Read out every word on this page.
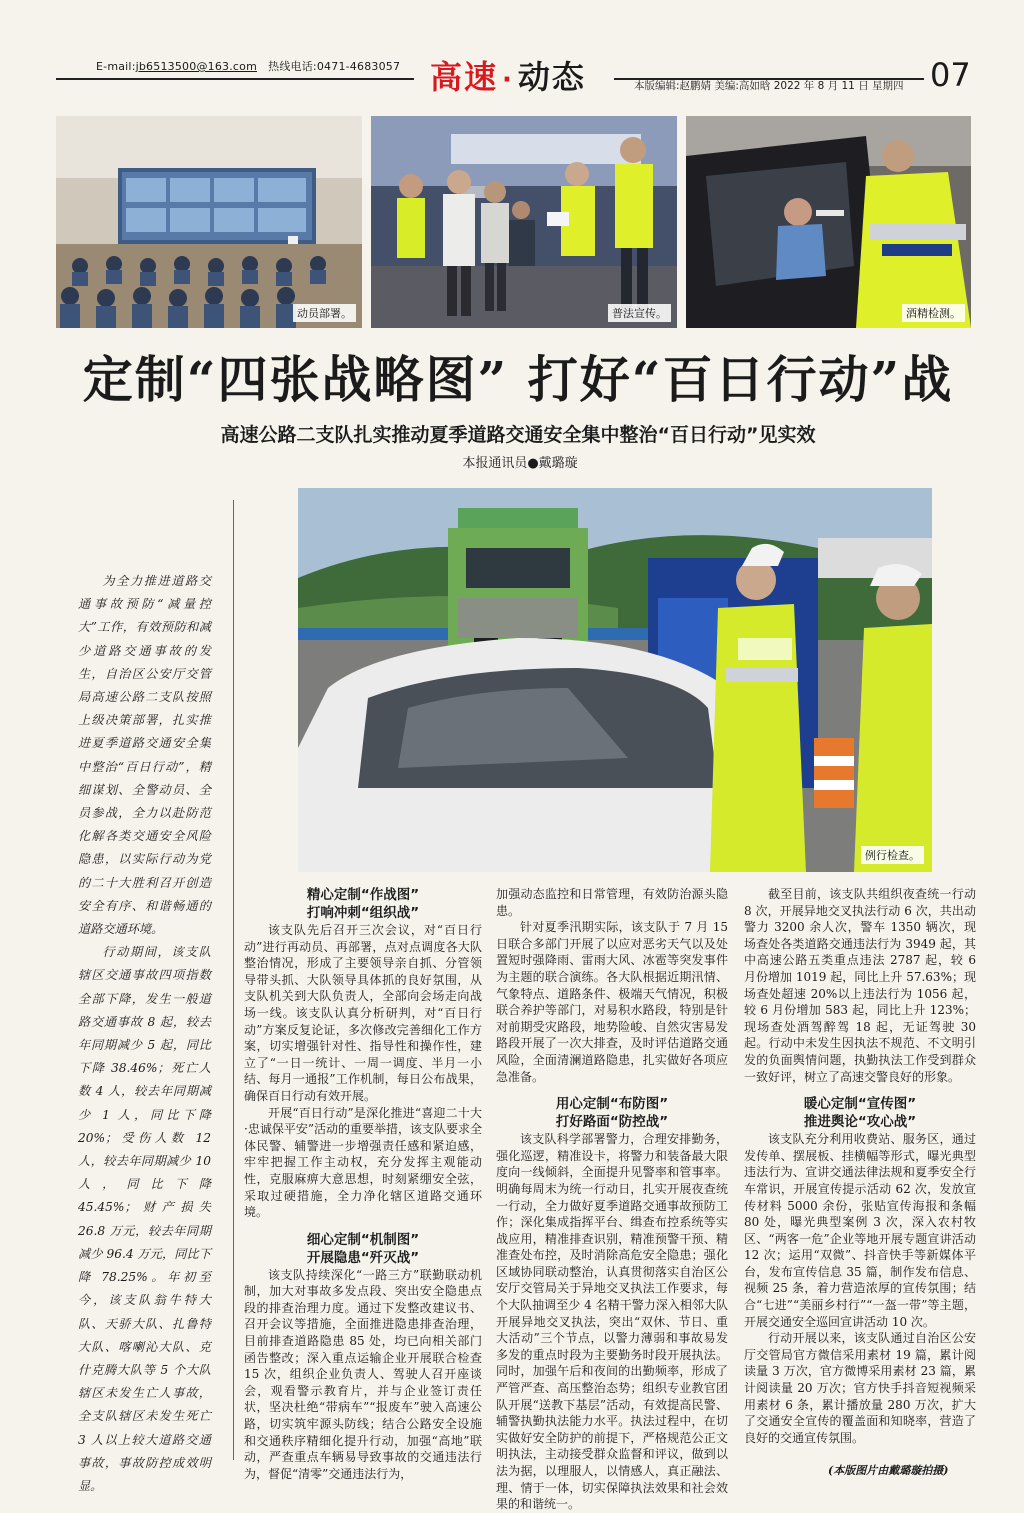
E-mail:jb6513500@163.com 热线电话:0471-4683057 高速 · 动态	本版编辑:赵鹏婧 美编:高如晗 2022 年 8 月 11 日 星期四 07
动员部署。	普法宣传。	酒精检测。
定制“四张战略图” 打好“百日行动”战
高速公路二支队扎实推动夏季道路交通安全集中整治“百日行动”见实效
本报通讯员●戴璐璇
例行检查。

为全力推进道路交通事故预防“减量控大”工作，有效预防和减少道路交通事故的发生，自治区公安厅交管局高速公路二支队按照上级决策部署，扎实推进夏季道路交通安全集中整治“百日行动”，精细谋划、全警动员、全员参战，全力以赴防范化解各类交通安全风险隐患，以实际行动为党的二十大胜利召开创造安全有序、和谐畅通的道路交通环境。

行动期间，该支队辖区交通事故四项指数全部下降，发生一般道路交通事故 8 起，较去年同期减少 5 起，同比下降 38.46%；死亡人数 4 人，较去年同期减少 1 人，同比下降 20%；受伤人数 12 人，较去年同期减少 10 人，同比下降 45.45%；财产损失 26.8 万元，较去年同期减少 96.4 万元，同比下降 78.25%。年初至今，该支队翁牛特大队、天骄大队、扎鲁特大队、喀喇沁大队、克什克腾大队等 5 个大队辖区未发生亡人事故，全支队辖区未发生死亡 3 人以上较大道路交通事故，事故防控成效明显。

精心定制“作战图”
打响冲刺“组织战”

该支队先后召开三次会议，对“百日行动”进行再动员、再部署，点对点调度各大队整治情况，形成了主要领导亲自抓、分管领导带头抓、大队领导具体抓的良好氛围，从支队机关到大队负责人，全部向会场走向战场一线。该支队认真分析研判，对“百日行动”方案反复论证，多次修改完善细化工作方案，切实增强针对性、指导性和操作性，建立了“一日一统计、一周一调度、半月一小结、每月一通报”工作机制，每日公布战果，确保百日行动有效开展。

开展“百日行动”是深化推进“喜迎二十大·忠诚保平安”活动的重要举措，该支队要求全体民警、辅警进一步增强责任感和紧迫感，牢牢把握工作主动权，充分发挥主观能动性，克服麻痹大意思想，时刻紧绷安全弦，采取过硬措施，全力净化辖区道路交通环境。

细心定制“机制图”
开展隐患“歼灭战”

该支队持续深化“一路三方”联勤联动机制，加大对事故多发点段、突出安全隐患点段的排查治理力度。通过下发整改建议书、召开会议等措施，全面推进隐患排查治理，目前排查道路隐患 85 处，均已向相关部门函告整改；深入重点运输企业开展联合检查 15 次，组织企业负责人、驾驶人召开座谈会，观看警示教育片，并与企业签订责任状，坚决杜绝“带病车”“报废车”驶入高速公路，切实筑牢源头防线；结合公路安全设施和交通秩序精细化提升行动，加强“高地”联动，严查重点车辆易导致事故的交通违法行为，督促“清零”交通违法行为，

加强动态监控和日常管理，有效防治源头隐患。

针对夏季汛期实际，该支队于 7 月 15 日联合多部门开展了以应对恶劣天气以及处置短时强降雨、雷雨大风、冰雹等突发事件为主题的联合演练。各大队根据近期汛情、气象特点、道路条件、极端天气情况，积极联合养护等部门，对易积水路段，特别是针对前期受灾路段，地势险峻、自然灾害易发路段开展了一次大排查，及时评估道路交通风险，全面清澜道路隐患，扎实做好各项应急准备。

用心定制“布防图”
打好路面“防控战”

该支队科学部署警力，合理安排勤务，强化巡逻，精准设卡，将警力和装备最大限度向一线倾斜，全面提升见警率和管事率。明确每周末为统一行动日，扎实开展夜查统一行动，全力做好夏季道路交通事故预防工作；深化集成指挥平台、缉查布控系统等实战应用，精准排查识别，精准预警干预、精准查处布控，及时消除高危安全隐患；强化区域协同联动整治，认真贯彻落实自治区公安厅交管局关于异地交叉执法工作要求，每个大队抽调至少 4 名精干警力深入相邻大队开展异地交叉执法，突出“双休、节日、重大活动”三个节点，以警力薄弱和事故易发多发的重点时段为主要勤务时段开展执法。同时，加强午后和夜间的出勤频率，形成了严管严查、高压整治态势；组织专业教官团队开展“送教下基层”活动，有效提高民警、辅警执勤执法能力水平。执法过程中，在切实做好安全防护的前提下，严格规范公正文明执法，主动接受群众监督和评议，做到以法为据，以理服人，以情感人，真正融法、理、情于一体，切实保障执法效果和社会效果的和谐统一。

截至目前，该支队共组织夜查统一行动 8 次，开展异地交叉执法行动 6 次，共出动警力 3200 余人次，警车 1350 辆次，现场查处各类道路交通违法行为 3949 起，其中高速公路五类重点违法 2787 起，较 6 月份增加 1019 起，同比上升 57.63%；现场查处超速 20%以上违法行为 1056 起，较 6 月份增加 583 起，同比上升 123%；现场查处酒驾醉驾 18 起，无证驾驶 30 起。行动中未发生因执法不规范、不文明引发的负面舆情问题，执勤执法工作受到群众一致好评，树立了高速交警良好的形象。

暖心定制“宣传图”
推进舆论“攻心战”

该支队充分利用收费站、服务区，通过发传单、摆展板、挂横幅等形式，曝光典型违法行为、宣讲交通法律法规和夏季安全行车常识，开展宣传提示活动 62 次，发放宣传材料 5000 余份，张贴宣传海报和条幅 80 处，曝光典型案例 3 次，深入农村牧区、“两客一危”企业等地开展专题宣讲活动 12 次；运用“双微”、抖音快手等新媒体平台，发布宣传信息 35 篇，制作发布信息、视频 25 条，着力营造浓厚的宣传氛围；结合“七进”“美丽乡村行”“一盔一带”等主题，开展交通安全巡回宣讲活动 10 次。

行动开展以来，该支队通过自治区公安厅交管局官方微信采用素材 19 篇，累计阅读量 3 万次，官方微博采用素材 23 篇，累计阅读量 20 万次；官方快手抖音短视频采用素材 6 条，累计播放量 280 万次，扩大了交通安全宣传的覆盖面和知晓率，营造了良好的交通宣传氛围。

(本版图片由戴璐璇拍摄)
